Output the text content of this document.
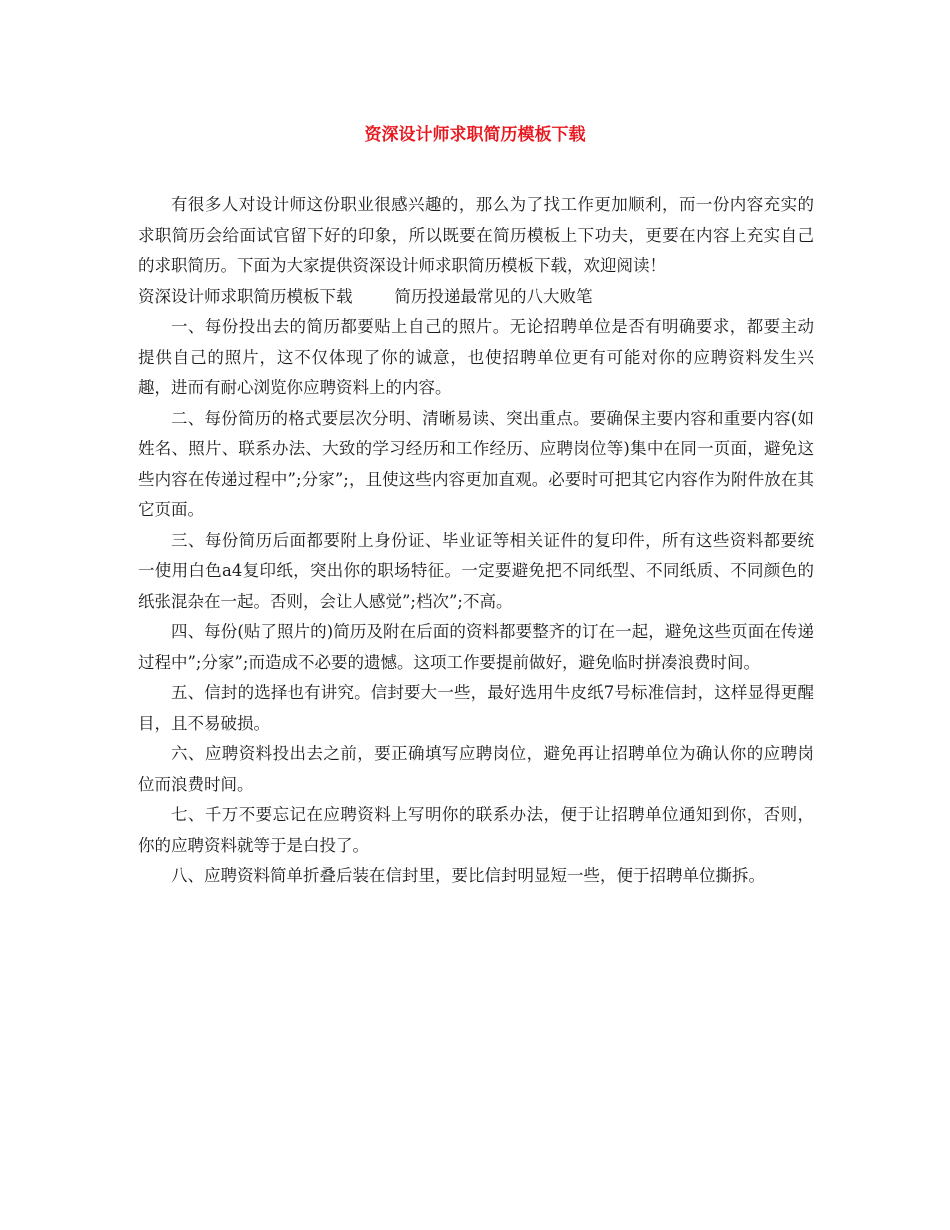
资深设计师求职简历模板下载

有很多人对设计师这份职业很感兴趣的，那么为了找工作更加顺利，而一份内容充实的求职简历会给面试官留下好的印象，所以既要在简历模板上下功夫，更要在内容上充实自己的求职简历。下面为大家提供资深设计师求职简历模板下载，欢迎阅读！

资深设计师求职简历模板下载	简历投递最常见的八大败笔

一、每份投出去的简历都要贴上自己的照片。无论招聘单位是否有明确要求，都要主动提供自己的照片，这不仅体现了你的诚意，也使招聘单位更有可能对你的应聘资料发生兴趣，进而有耐心浏览你应聘资料上的内容。

二、每份简历的格式要层次分明、清晰易读、突出重点。要确保主要内容和重要内容(如姓名、照片、联系办法、大致的学习经历和工作经历、应聘岗位等)集中在同一页面，避免这些内容在传递过程中”;分家”;，且使这些内容更加直观。必要时可把其它内容作为附件放在其它页面。

三、每份简历后面都要附上身份证、毕业证等相关证件的复印件，所有这些资料都要统一使用白色a4复印纸，突出你的职场特征。一定要避免把不同纸型、不同纸质、不同颜色的纸张混杂在一起。否则，会让人感觉”;档次”;不高。

四、每份(贴了照片的)简历及附在后面的资料都要整齐的订在一起，避免这些页面在传递过程中”;分家”;而造成不必要的遗憾。这项工作要提前做好，避免临时拼凑浪费时间。

五、信封的选择也有讲究。信封要大一些，最好选用牛皮纸7号标准信封，这样显得更醒目，且不易破损。

六、应聘资料投出去之前，要正确填写应聘岗位，避免再让招聘单位为确认你的应聘岗位而浪费时间。

七、千万不要忘记在应聘资料上写明你的联系办法，便于让招聘单位通知到你，否则，你的应聘资料就等于是白投了。

八、应聘资料简单折叠后装在信封里，要比信封明显短一些，便于招聘单位撕拆。
